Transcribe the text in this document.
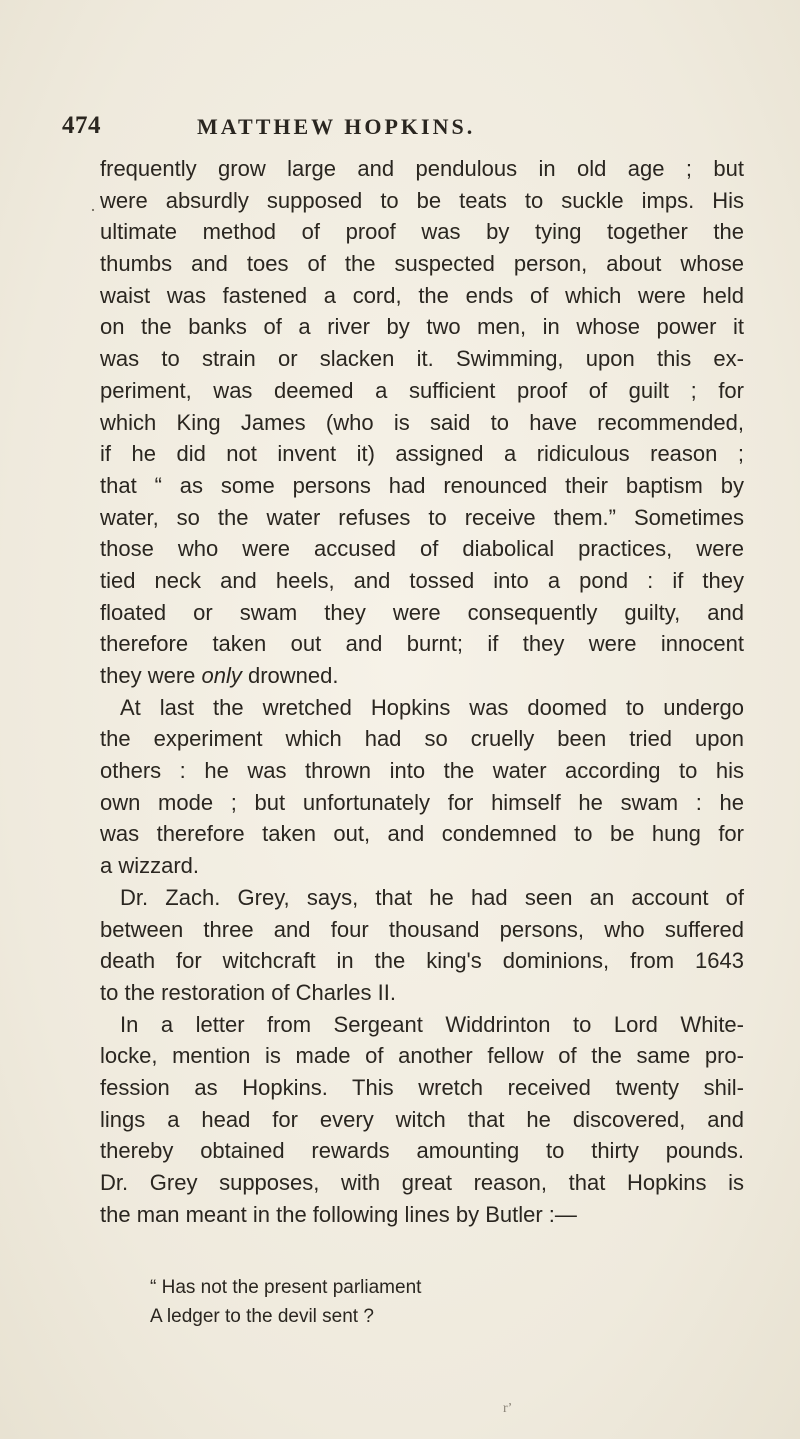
474	MATTHEW HOPKINS.
·
frequently grow large and pendulous in old age ; but
were absurdly supposed to be teats to suckle imps. His
ultimate method of proof was by tying together the
thumbs and toes of the suspected person, about whose
waist was fastened a cord, the ends of which were held
on the banks of a river by two men, in whose power it
was to strain or slacken it. Swimming, upon this ex-
periment, was deemed a sufficient proof of guilt ; for
which King James (who is said to have recommended,
if he did not invent it) assigned a ridiculous reason ;
that “ as some persons had renounced their baptism by
water, so the water refuses to receive them.” Sometimes
those who were accused of diabolical practices, were
tied neck and heels, and tossed into a pond : if they
floated or swam they were consequently guilty, and
therefore taken out and burnt; if they were innocent
they were only drowned.
At last the wretched Hopkins was doomed to undergo
the experiment which had so cruelly been tried upon
others : he was thrown into the water according to his
own mode ; but unfortunately for himself he swam : he
was therefore taken out, and condemned to be hung for
a wizzard.
Dr. Zach. Grey, says, that he had seen an account of
between three and four thousand persons, who suffered
death for witchcraft in the king's dominions, from 1643
to the restoration of Charles II.
In a letter from Sergeant Widdrinton to Lord White-
locke, mention is made of another fellow of the same pro-
fession as Hopkins. This wretch received twenty shil-
lings a head for every witch that he discovered, and
thereby obtained rewards amounting to thirty pounds.
Dr. Grey supposes, with great reason, that Hopkins is
the man meant in the following lines by Butler :—
“ Has not the present parliament
A ledger to the devil sent ?
rʼ
